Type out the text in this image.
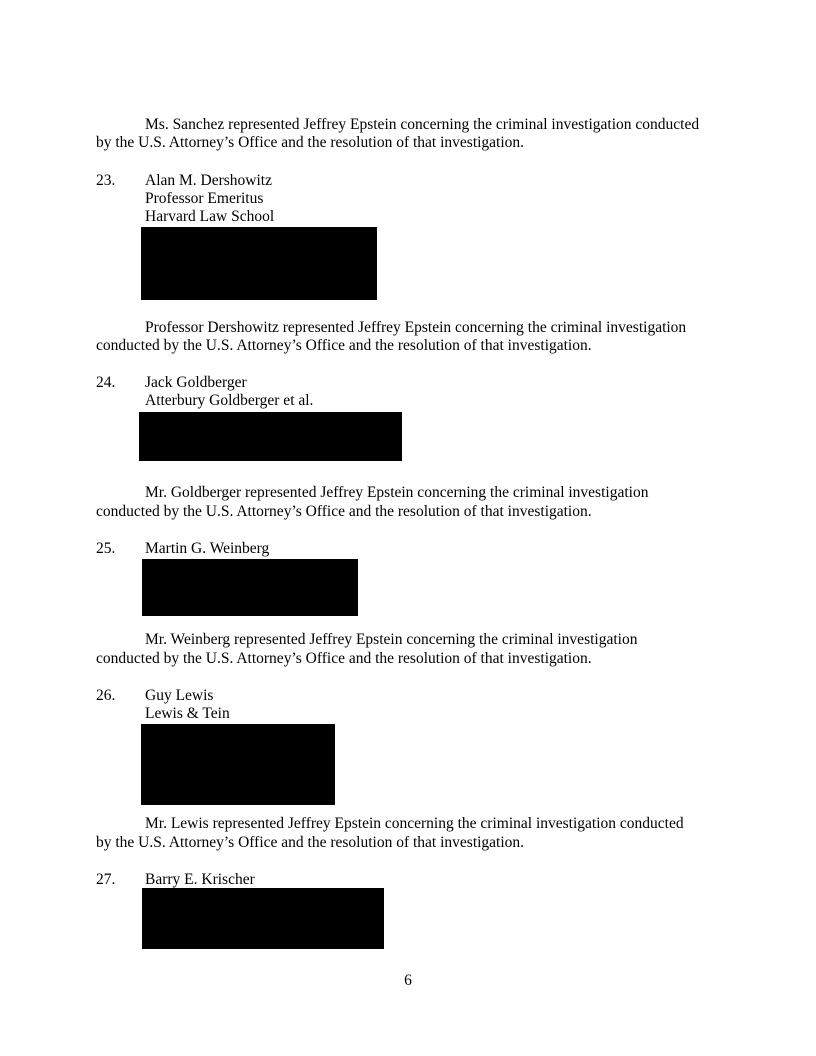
Ms. Sanchez represented Jeffrey Epstein concerning the criminal investigation conducted
by the U.S. Attorney’s Office and the resolution of that investigation.
23. Alan M. Dershowitz
Professor Emeritus
Harvard Law School
Professor Dershowitz represented Jeffrey Epstein concerning the criminal investigation
conducted by the U.S. Attorney’s Office and the resolution of that investigation.
24. Jack Goldberger
Atterbury Goldberger et al.
Mr. Goldberger represented Jeffrey Epstein concerning the criminal investigation
conducted by the U.S. Attorney’s Office and the resolution of that investigation.
25. Martin G. Weinberg
Mr. Weinberg represented Jeffrey Epstein concerning the criminal investigation
conducted by the U.S. Attorney’s Office and the resolution of that investigation.
26. Guy Lewis
Lewis & Tein
Mr. Lewis represented Jeffrey Epstein concerning the criminal investigation conducted
by the U.S. Attorney’s Office and the resolution of that investigation.
27. Barry E. Krischer
6
